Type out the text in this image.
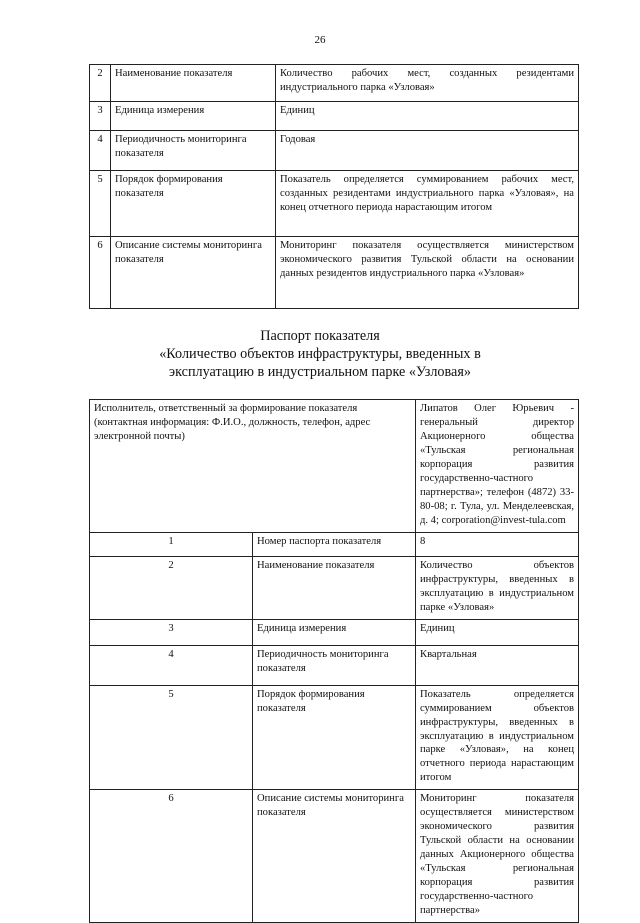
26
2	Наименование показателя	Количество рабочих мест, созданных резидентами индустриального парка «Узловая»
3	Единица измерения	Единиц
4	Периодичность мониторинга показателя	Годовая
5	Порядок формирования показателя	Показатель определяется суммированием рабочих мест, созданных резидентами индустриального парка «Узловая», на конец отчетного периода нарастающим итогом
6	Описание системы мониторинга показателя	Мониторинг показателя осуществляется министерством экономического развития Тульской области на основании данных резидентов индустриального парка «Узловая»
Паспорт показателя
«Количество объектов инфраструктуры, введенных в
эксплуатацию в индустриальном парке «Узловая»
Исполнитель, ответственный за формирование показателя (контактная информация: Ф.И.О., должность, телефон, адрес электронной почты)		Липатов Олег Юрьевич - генеральный директор Акционерного общества «Тульская региональная корпорация развития государственно-частного партнерства»; телефон (4872) 33-80-08; г. Тула, ул. Менделеевская, д. 4; corporation@invest-tula.com
1	Номер паспорта показателя	8
2	Наименование показателя	Количество объектов инфраструктуры, введенных в эксплуатацию в индустриальном парке «Узловая»
3	Единица измерения	Единиц
4	Периодичность мониторинга показателя	Квартальная
5	Порядок формирования показателя	Показатель определяется суммированием объектов инфраструктуры, введенных в эксплуатацию в индустриальном парке «Узловая», на конец отчетного периода нарастающим итогом
6	Описание системы мониторинга показателя	Мониторинг показателя осуществляется министерством экономического развития Тульской области на основании данных Акционерного общества «Тульская региональная корпорация развития государственно-частного партнерства»
